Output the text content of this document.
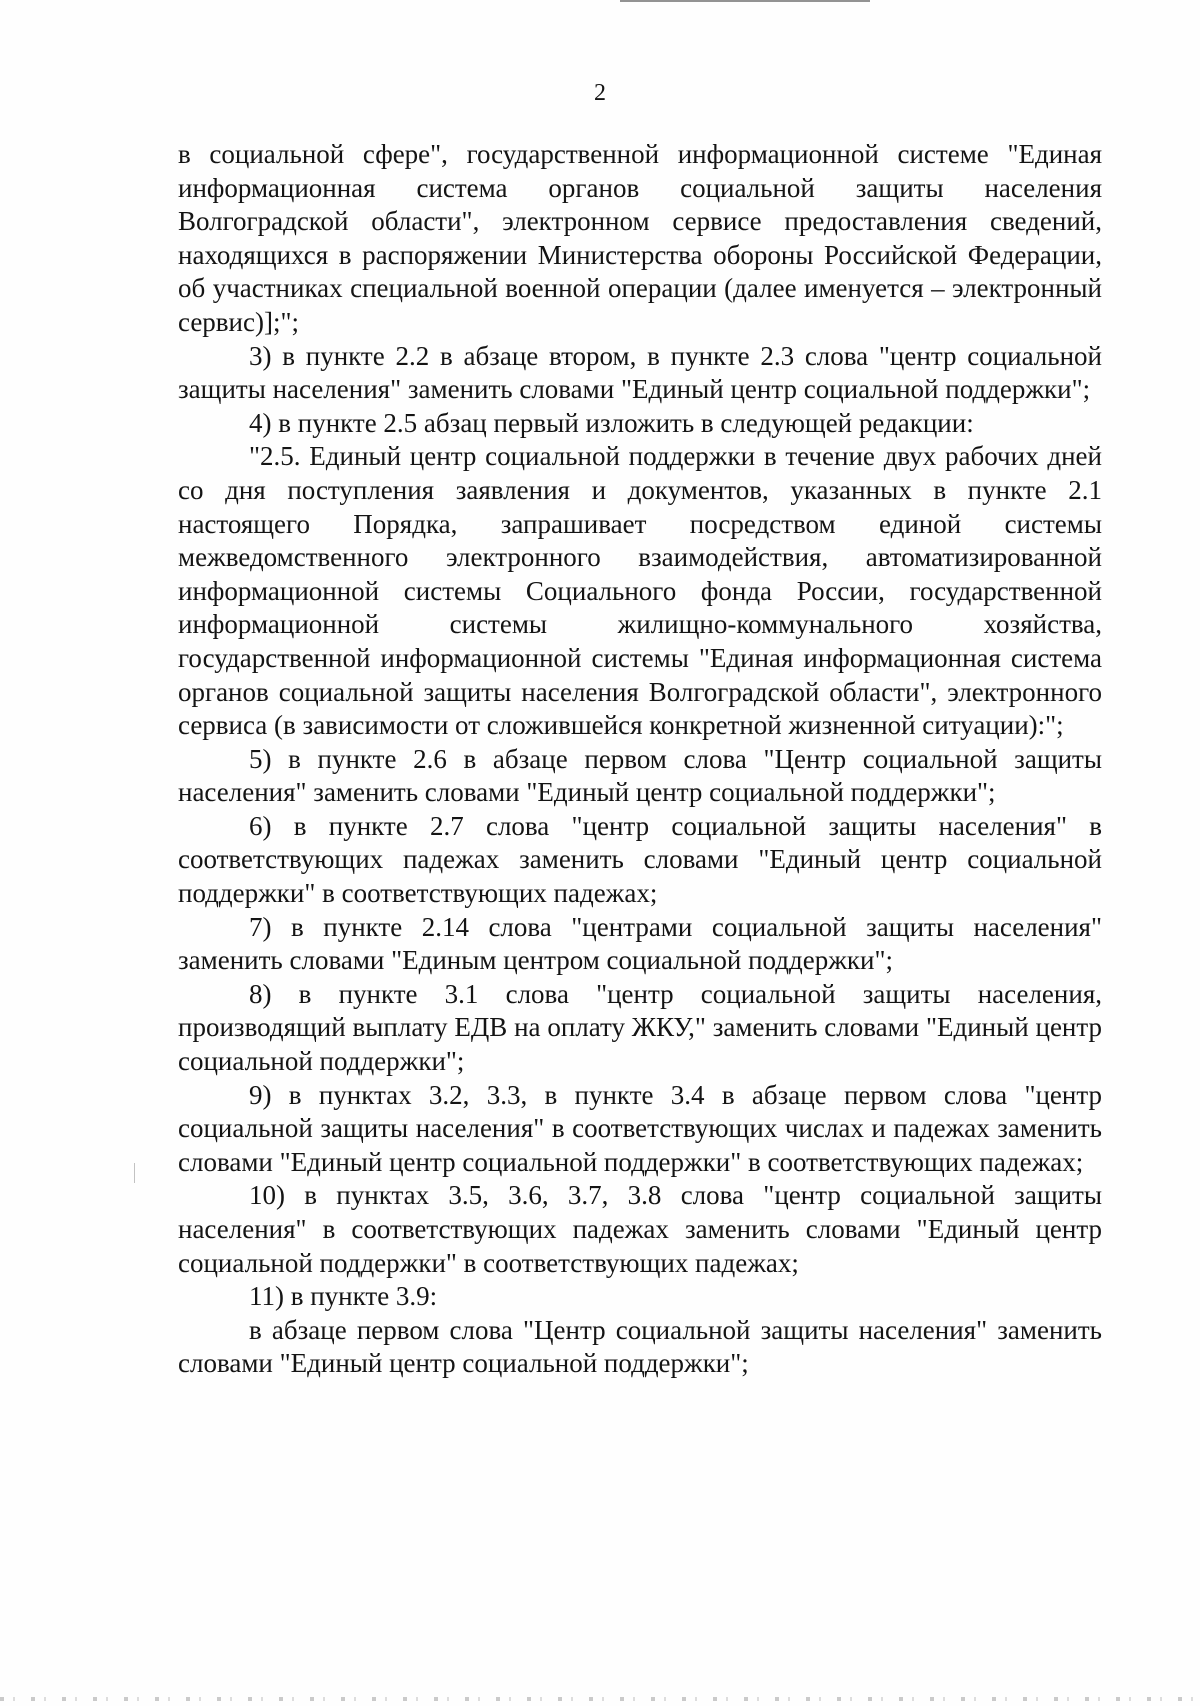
2

в социальной сфере", государственной информационной системе "Единая информационная система органов социальной защиты населения Волгоградской области", электронном сервисе предоставления сведений, находящихся в распоряжении Министерства обороны Российской Федерации, об участниках специальной военной операции (далее именуется – электронный сервис)];";

3) в пункте 2.2 в абзаце втором, в пункте 2.3 слова "центр социальной защиты населения" заменить словами "Единый центр социальной поддержки";

4) в пункте 2.5 абзац первый изложить в следующей редакции:

"2.5. Единый центр социальной поддержки в течение двух рабочих дней со дня поступления заявления и документов, указанных в пункте 2.1 настоящего Порядка, запрашивает посредством единой системы межведомственного электронного взаимодействия, автоматизированной информационной системы Социального фонда России, государственной информационной системы жилищно-коммунального хозяйства, государственной информационной системы "Единая информационная система органов социальной защиты населения Волгоградской области", электронного сервиса (в зависимости от сложившейся конкретной жизненной ситуации):";

5) в пункте 2.6 в абзаце первом слова "Центр социальной защиты населения" заменить словами "Единый центр социальной поддержки";

6) в пункте 2.7 слова "центр социальной защиты населения" в соответствующих падежах заменить словами "Единый центр социальной поддержки" в соответствующих падежах;

7) в пункте 2.14 слова "центрами социальной защиты населения" заменить словами "Единым центром социальной поддержки";

8) в пункте 3.1 слова "центр социальной защиты населения, производящий выплату ЕДВ на оплату ЖКУ," заменить словами "Единый центр социальной поддержки";

9) в пунктах 3.2, 3.3, в пункте 3.4 в абзаце первом слова "центр социальной защиты населения" в соответствующих числах и падежах заменить словами "Единый центр социальной поддержки" в соответствующих падежах;

10) в пунктах 3.5, 3.6, 3.7, 3.8 слова "центр социальной защиты населения" в соответствующих падежах заменить словами "Единый центр социальной поддержки" в соответствующих падежах;

11) в пункте 3.9:

в абзаце первом слова "Центр социальной защиты населения" заменить словами "Единый центр социальной поддержки";
